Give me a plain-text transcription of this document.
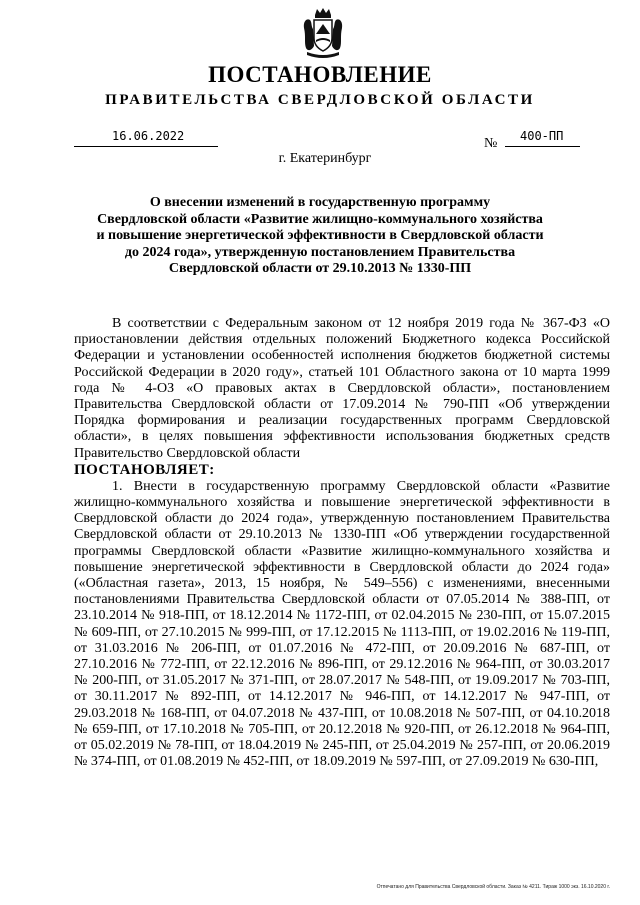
ПОСТАНОВЛЕНИЕ
ПРАВИТЕЛЬСТВА СВЕРДЛОВСКОЙ ОБЛАСТИ
16.06.2022	№ 400-ПП
г. Екатеринбург
О внесении изменений в государственную программу
Свердловской области «Развитие жилищно-коммунального хозяйства
и повышение энергетической эффективности в Свердловской области
до 2024 года», утвержденную постановлением Правительства
Свердловской области от 29.10.2013 № 1330-ПП

В соответствии с Федеральным законом от 12 ноября 2019 года № 367-ФЗ «О приостановлении действия отдельных положений Бюджетного кодекса Российской Федерации и установлении особенностей исполнения бюджетов бюджетной системы Российской Федерации в 2020 году», статьей 101 Областного закона от 10 марта 1999 года № 4-ОЗ «О правовых актах в Свердловской области», постановлением Правительства Свердловской области от 17.09.2014 № 790-ПП «Об утверждении Порядка формирования и реализации государственных программ Свердловской области», в целях повышения эффективности использования бюджетных средств Правительство Свердловской области

ПОСТАНОВЛЯЕТ:

1. Внести в государственную программу Свердловской области «Развитие жилищно-коммунального хозяйства и повышение энергетической эффективности в Свердловской области до 2024 года», утвержденную постановлением Правительства Свердловской области от 29.10.2013 № 1330-ПП «Об утверждении государственной программы Свердловской области «Развитие жилищно-коммунального хозяйства и повышение энергетической эффективности в Свердловской области до 2024 года» («Областная газета», 2013, 15 ноября, № 549–556) с изменениями, внесенными постановлениями Правительства Свердловской области от 07.05.2014 № 388-ПП, от 23.10.2014 № 918-ПП, от 18.12.2014 № 1172-ПП, от 02.04.2015 № 230-ПП, от 15.07.2015 № 609-ПП, от 27.10.2015 № 999-ПП, от 17.12.2015 № 1113-ПП, от 19.02.2016 № 119-ПП, от 31.03.2016 № 206-ПП, от 01.07.2016 № 472-ПП, от 20.09.2016 № 687-ПП, от 27.10.2016 № 772-ПП, от 22.12.2016 № 896-ПП, от 29.12.2016 № 964-ПП, от 30.03.2017 № 200-ПП, от 31.05.2017 № 371-ПП, от 28.07.2017 № 548-ПП, от 19.09.2017 № 703-ПП, от 30.11.2017 № 892-ПП, от 14.12.2017 № 946-ПП, от 14.12.2017 № 947-ПП, от 29.03.2018 № 168-ПП, от 04.07.2018 № 437-ПП, от 10.08.2018 № 507-ПП, от 04.10.2018 № 659-ПП, от 17.10.2018 № 705-ПП, от 20.12.2018 № 920-ПП, от 26.12.2018 № 964-ПП, от 05.02.2019 № 78-ПП, от 18.04.2019 № 245-ПП, от 25.04.2019 № 257-ПП, от 20.06.2019 № 374-ПП, от 01.08.2019 № 452-ПП, от 18.09.2019 № 597-ПП, от 27.09.2019 № 630-ПП,

Отпечатано для Правительства Свердловской области. Заказ № 4211. Тираж 1000 экз. 16.10.2020 г.
